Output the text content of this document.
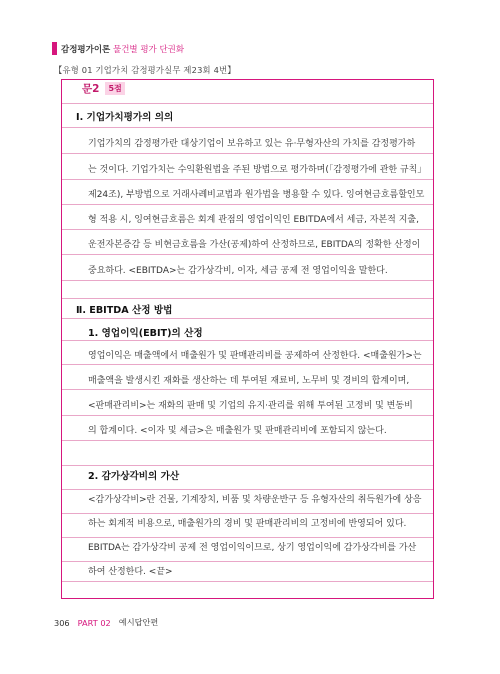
감정평가이론 물건별 평가 단권화
【유형 01 기업가치 감정평가실무 제23회 4번】
문2	5점
Ⅰ. 기업가치평가의 의의
기업가치의 감정평가란 대상기업이 보유하고 있는 유·무형자산의 가치를 감정평가하
는 것이다. 기업가치는 수익환원법을 주된 방법으로 평가하며(｢감정평가에 관한 규칙｣
제24조), 부방법으로 거래사례비교법과 원가법을 병용할 수 있다. 잉여현금흐름할인모
형 적용 시, 잉여현금흐름은 회계 관점의 영업이익인 EBITDA에서 세금, 자본적 지출,
운전자본증감 등 비현금흐름을 가산(공제)하여 산정하므로, EBITDA의 정확한 산정이
중요하다. <EBITDA>는 감가상각비, 이자, 세금 공제 전 영업이익을 말한다.
Ⅱ. EBITDA 산정 방법
1. 영업이익(EBIT)의 산정
영업이익은 매출액에서 매출원가 및 판매관리비를 공제하여 산정한다. <매출원가>는
매출액을 발생시킨 재화를 생산하는 데 투여된 재료비, 노무비 및 경비의 합계이며,
<판매관리비>는 재화의 판매 및 기업의 유지·관리를 위해 투여된 고정비 및 변동비
의 합계이다. <이자 및 세금>은 매출원가 및 판매관리비에 포함되지 않는다.
2. 감가상각비의 가산
<감가상각비>란 건물, 기계장치, 비품 및 차량운반구 등 유형자산의 취득원가에 상응
하는 회계적 비용으로, 매출원가의 경비 및 판매관리비의 고정비에 반영되어 있다.
EBITDA는 감가상각비 공제 전 영업이익이므로, 상기 영업이익에 감가상각비를 가산
하여 산정한다. <끝>
306 PART 02 예시답안편
